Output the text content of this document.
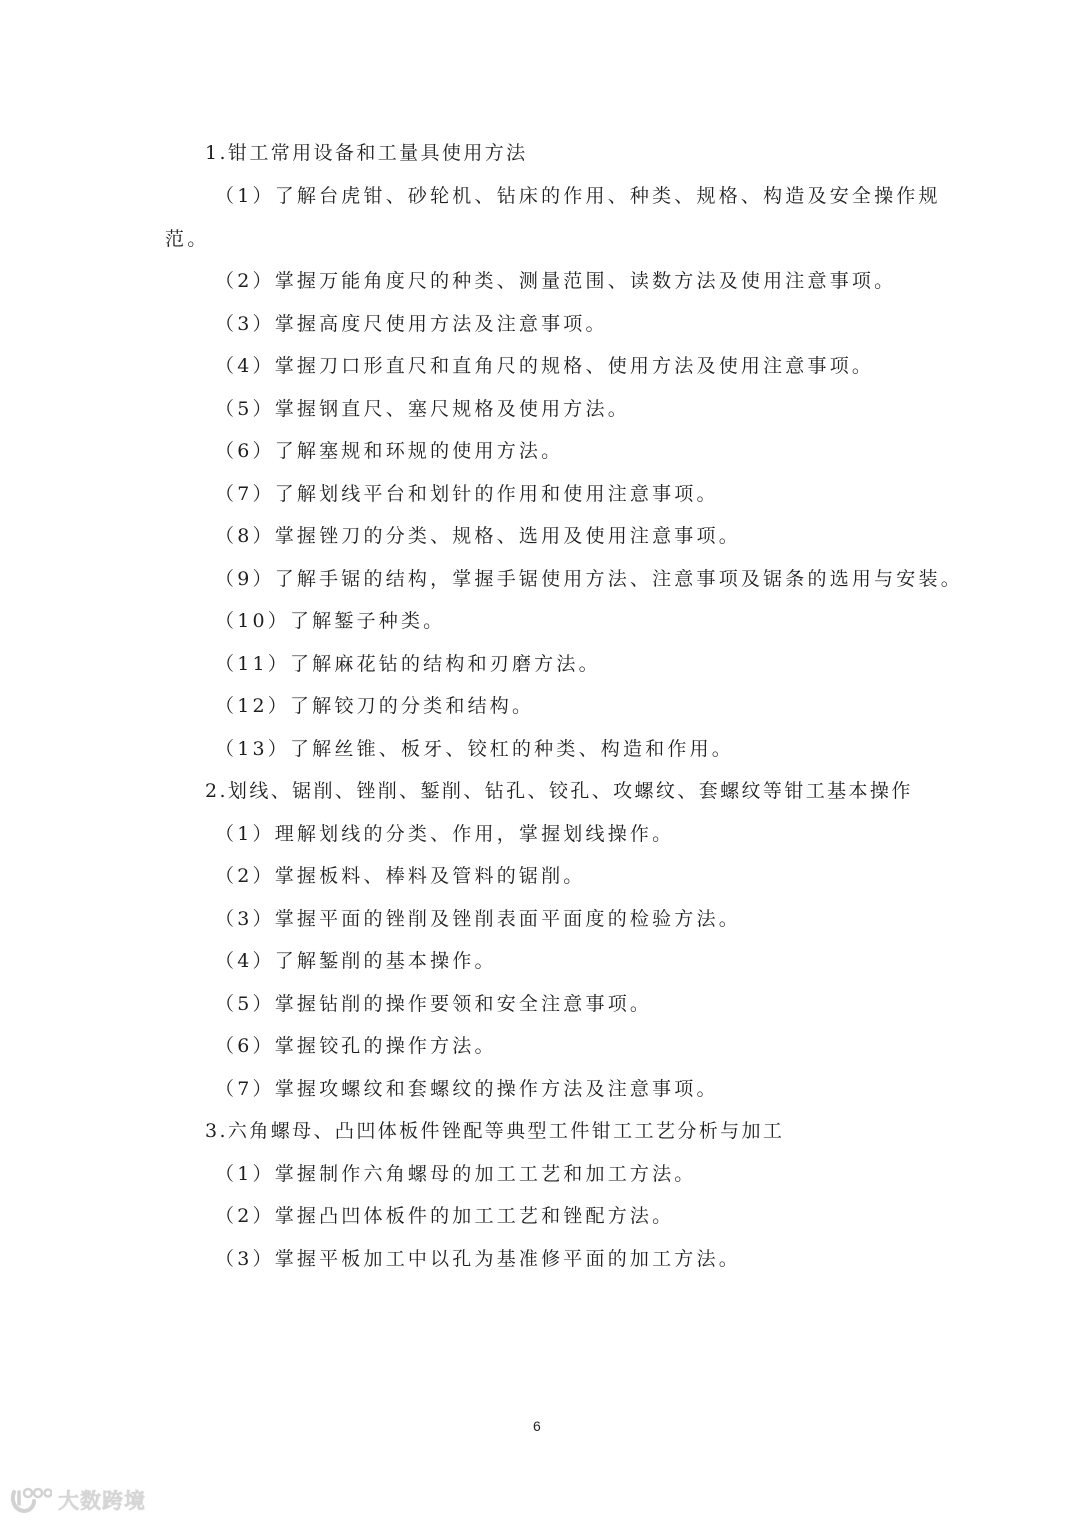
1.钳工常用设备和工量具使用方法
（1）了解台虎钳、砂轮机、钻床的作用、种类、规格、构造及安全操作规
范。
（2）掌握万能角度尺的种类、测量范围、读数方法及使用注意事项。
（3）掌握高度尺使用方法及注意事项。
（4）掌握刀口形直尺和直角尺的规格、使用方法及使用注意事项。
（5）掌握钢直尺、塞尺规格及使用方法。
（6）了解塞规和环规的使用方法。
（7）了解划线平台和划针的作用和使用注意事项。
（8）掌握锉刀的分类、规格、选用及使用注意事项。
（9）了解手锯的结构，掌握手锯使用方法、注意事项及锯条的选用与安装。
（10）了解錾子种类。
（11）了解麻花钻的结构和刃磨方法。
（12）了解铰刀的分类和结构。
（13）了解丝锥、板牙、铰杠的种类、构造和作用。
2.划线、锯削、锉削、錾削、钻孔、铰孔、攻螺纹、套螺纹等钳工基本操作
（1）理解划线的分类、作用，掌握划线操作。
（2）掌握板料、棒料及管料的锯削。
（3）掌握平面的锉削及锉削表面平面度的检验方法。
（4）了解錾削的基本操作。
（5）掌握钻削的操作要领和安全注意事项。
（6）掌握铰孔的操作方法。
（7）掌握攻螺纹和套螺纹的操作方法及注意事项。
3.六角螺母、凸凹体板件锉配等典型工件钳工工艺分析与加工
（1）掌握制作六角螺母的加工工艺和加工方法。
（2）掌握凸凹体板件的加工工艺和锉配方法。
（3）掌握平板加工中以孔为基准修平面的加工方法。
6
大数跨境
